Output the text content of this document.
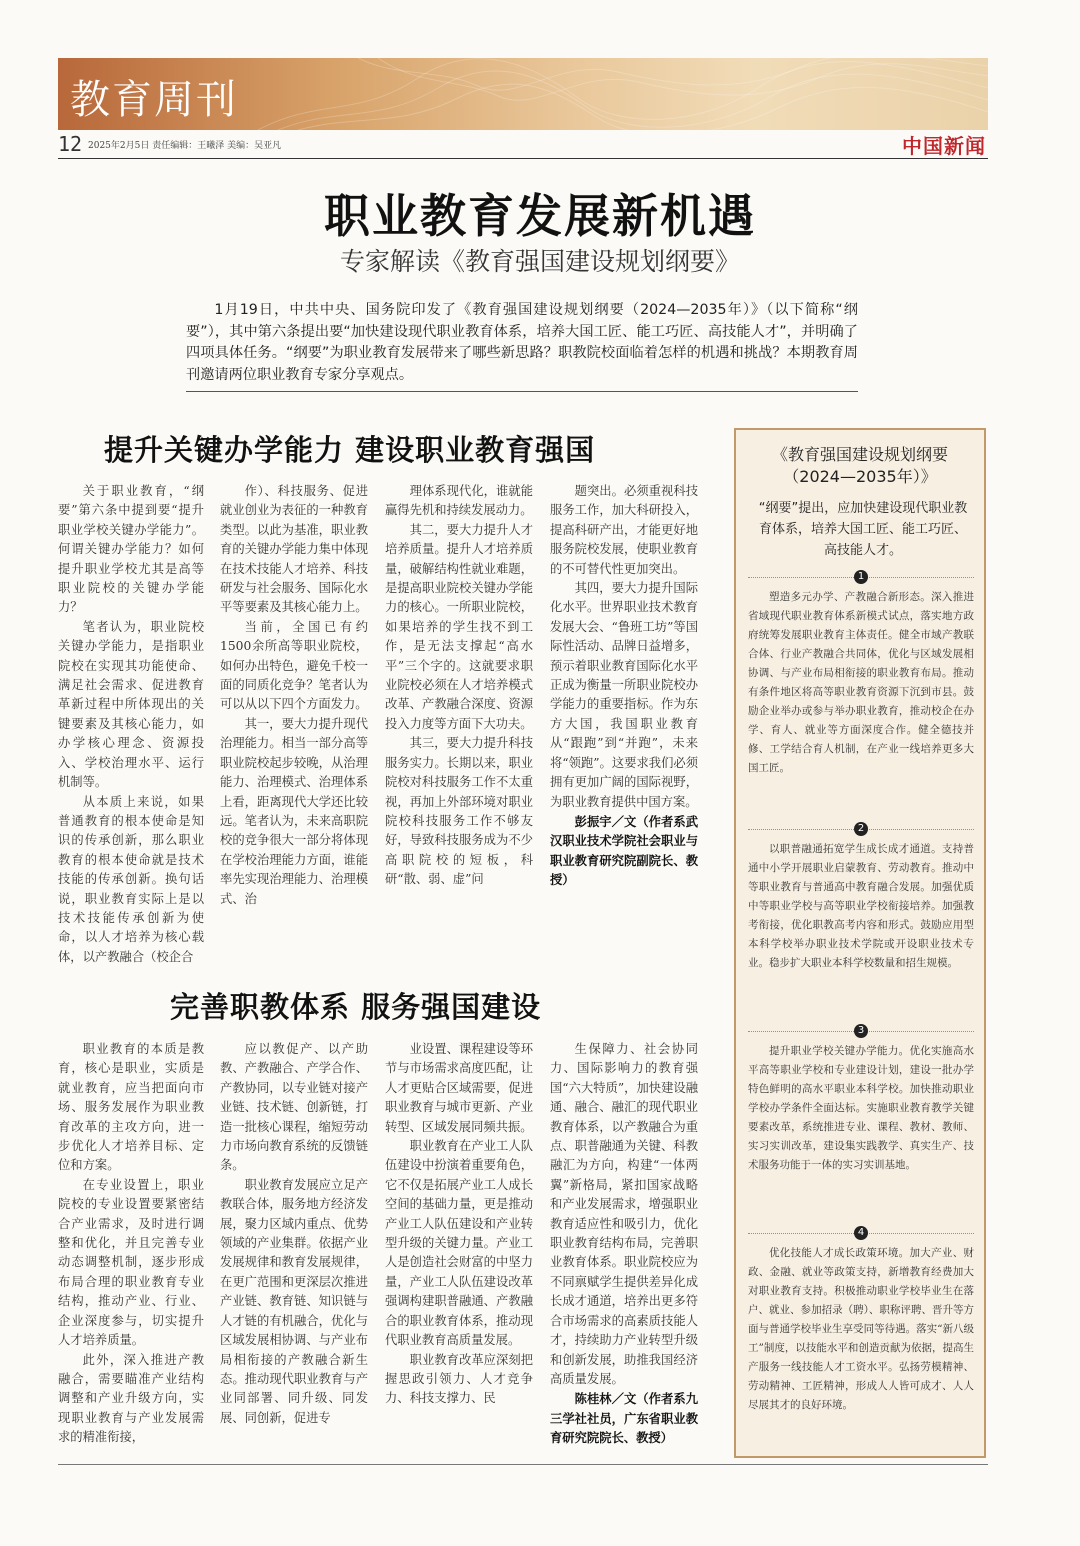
教育周刊
12 2025年2月5日 责任编辑：王曦泽 美编：吴亚凡	中国新闻
职业教育发展新机遇
专家解读《教育强国建设规划纲要》
1月19日，中共中央、国务院印发了《教育强国建设规划纲要（2024—2035年）》（以下简称“纲要”），其中第六条提出要“加快建设现代职业教育体系，培养大国工匠、能工巧匠、高技能人才”，并明确了四项具体任务。“纲要”为职业教育发展带来了哪些新思路？职教院校面临着怎样的机遇和挑战？本期教育周刊邀请两位职业教育专家分享观点。
提升关键办学能力 建设职业教育强国

关于职业教育，“纲要”第六条中提到要“提升职业学校关键办学能力”。何谓关键办学能力？如何提升职业学校尤其是高等职业院校的关键办学能力？

笔者认为，职业院校关键办学能力，是指职业院校在实现其功能使命、满足社会需求、促进教育革新过程中所体现出的关键要素及其核心能力，如办学核心理念、资源投入、学校治理水平、运行机制等。

从本质上来说，如果普通教育的根本使命是知识的传承创新，那么职业教育的根本使命就是技术技能的传承创新。换句话说，职业教育实际上是以技术技能传承创新为使命，以人才培养为核心载体，以产教融合（校企合

作）、科技服务、促进就业创业为表征的一种教育类型。以此为基准，职业教育的关键办学能力集中体现在技术技能人才培养、科技研发与社会服务、国际化水平等要素及其核心能力上。

当前，全国已有约1500余所高等职业院校，如何办出特色，避免千校一面的同质化竞争？笔者认为可以从以下四个方面发力。

其一，要大力提升现代治理能力。相当一部分高等职业院校起步较晚，从治理能力、治理模式、治理体系上看，距离现代大学还比较远。笔者认为，未来高职院校的竞争很大一部分将体现在学校治理能力方面，谁能率先实现治理能力、治理模式、治

理体系现代化，谁就能赢得先机和持续发展动力。

其二，要大力提升人才培养质量。提升人才培养质量，破解结构性就业难题，是提高职业院校关键办学能力的核心。一所职业院校，如果培养的学生找不到工作，是无法支撑起“高水平”三个字的。这就要求职业院校必须在人才培养模式改革、产教融合深度、资源投入力度等方面下大功夫。

其三，要大力提升科技服务实力。长期以来，职业院校对科技服务工作不太重视，再加上外部环境对职业院校科技服务工作不够友好，导致科技服务成为不少高职院校的短板，科研“散、弱、虚”问

题突出。必须重视科技服务工作，加大科研投入，提高科研产出，才能更好地服务院校发展，使职业教育的不可替代性更加突出。

其四，要大力提升国际化水平。世界职业技术教育发展大会、“鲁班工坊”等国际性活动、品牌日益增多，预示着职业教育国际化水平正成为衡量一所职业院校办学能力的重要指标。作为东方大国，我国职业教育从“跟跑”到“并跑”，未来将“领跑”。这要求我们必须拥有更加广阔的国际视野，为职业教育提供中国方案。

彭振宇／文（作者系武汉职业技术学院社会职业与职业教育研究院副院长、教授）

完善职教体系 服务强国建设

职业教育的本质是教育，核心是职业，实质是就业教育，应当把面向市场、服务发展作为职业教育改革的主攻方向，进一步优化人才培养目标、定位和方案。

在专业设置上，职业院校的专业设置要紧密结合产业需求，及时进行调整和优化，并且完善专业动态调整机制，逐步形成布局合理的职业教育专业结构，推动产业、行业、企业深度参与，切实提升人才培养质量。

此外，深入推进产教融合，需要瞄准产业结构调整和产业升级方向，实现职业教育与产业发展需求的精准衔接，

应以教促产、以产助教、产教融合、产学合作、产教协同，以专业链对接产业链、技术链、创新链，打造一批核心课程，缩短劳动力市场向教育系统的反馈链条。

职业教育发展应立足产教联合体，服务地方经济发展，聚力区域内重点、优势领域的产业集群。依据产业发展规律和教育发展规律，在更广范围和更深层次推进产业链、教育链、知识链与人才链的有机融合，优化与区域发展相协调、与产业布局相衔接的产教融合新生态。推动现代职业教育与产业同部署、同升级、同发展、同创新，促进专

业设置、课程建设等环节与市场需求高度匹配，让人才更贴合区域需要，促进职业教育与城市更新、产业转型、区域发展同频共振。

职业教育在产业工人队伍建设中扮演着重要角色，它不仅是拓展产业工人成长空间的基础力量，更是推动产业工人队伍建设和产业转型升级的关键力量。产业工人是创造社会财富的中坚力量，产业工人队伍建设改革强调构建职普融通、产教融合的职业教育体系，推动现代职业教育高质量发展。

职业教育改革应深刻把握思政引领力、人才竞争力、科技支撑力、民

生保障力、社会协同力、国际影响力的教育强国“六大特质”，加快建设融通、融合、融汇的现代职业教育体系，以产教融合为重点、职普融通为关键、科教融汇为方向，构建“一体两翼”新格局，紧扣国家战略和产业发展需求，增强职业教育适应性和吸引力，优化职业教育结构布局，完善职业教育体系。职业院校应为不同禀赋学生提供差异化成长成才通道，培养出更多符合市场需求的高素质技能人才，持续助力产业转型升级和创新发展，助推我国经济高质量发展。

陈桂林／文（作者系九三学社社员，广东省职业教育研究院院长、教授）

《教育强国建设规划纲要
（2024—2035年）》
“纲要”提出，应加快建设现代职业教育体系，培养大国工匠、能工巧匠、高技能人才。
1
塑造多元办学、产教融合新形态。深入推进省域现代职业教育体系新模式试点，落实地方政府统筹发展职业教育主体责任。健全市域产教联合体、行业产教融合共同体，优化与区域发展相协调、与产业布局相衔接的职业教育布局。推动有条件地区将高等职业教育资源下沉到市县。鼓励企业举办或参与举办职业教育，推动校企在办学、育人、就业等方面深度合作。健全德技并修、工学结合育人机制，在产业一线培养更多大国工匠。
2
以职普融通拓宽学生成长成才通道。支持普通中小学开展职业启蒙教育、劳动教育。推动中等职业教育与普通高中教育融合发展。加强优质中等职业学校与高等职业学校衔接培养。加强教考衔接，优化职教高考内容和形式。鼓励应用型本科学校举办职业技术学院或开设职业技术专业。稳步扩大职业本科学校数量和招生规模。
3
提升职业学校关键办学能力。优化实施高水平高等职业学校和专业建设计划，建设一批办学特色鲜明的高水平职业本科学校。加快推动职业学校办学条件全面达标。实施职业教育教学关键要素改革，系统推进专业、课程、教材、教师、实习实训改革，建设集实践教学、真实生产、技术服务功能于一体的实习实训基地。
4
优化技能人才成长政策环境。加大产业、财政、金融、就业等政策支持，新增教育经费加大对职业教育支持。积极推动职业学校毕业生在落户、就业、参加招录（聘）、职称评聘、晋升等方面与普通学校毕业生享受同等待遇。落实“新八级工”制度，以技能水平和创造贡献为依据，提高生产服务一线技能人才工资水平。弘扬劳模精神、劳动精神、工匠精神，形成人人皆可成才、人人尽展其才的良好环境。
